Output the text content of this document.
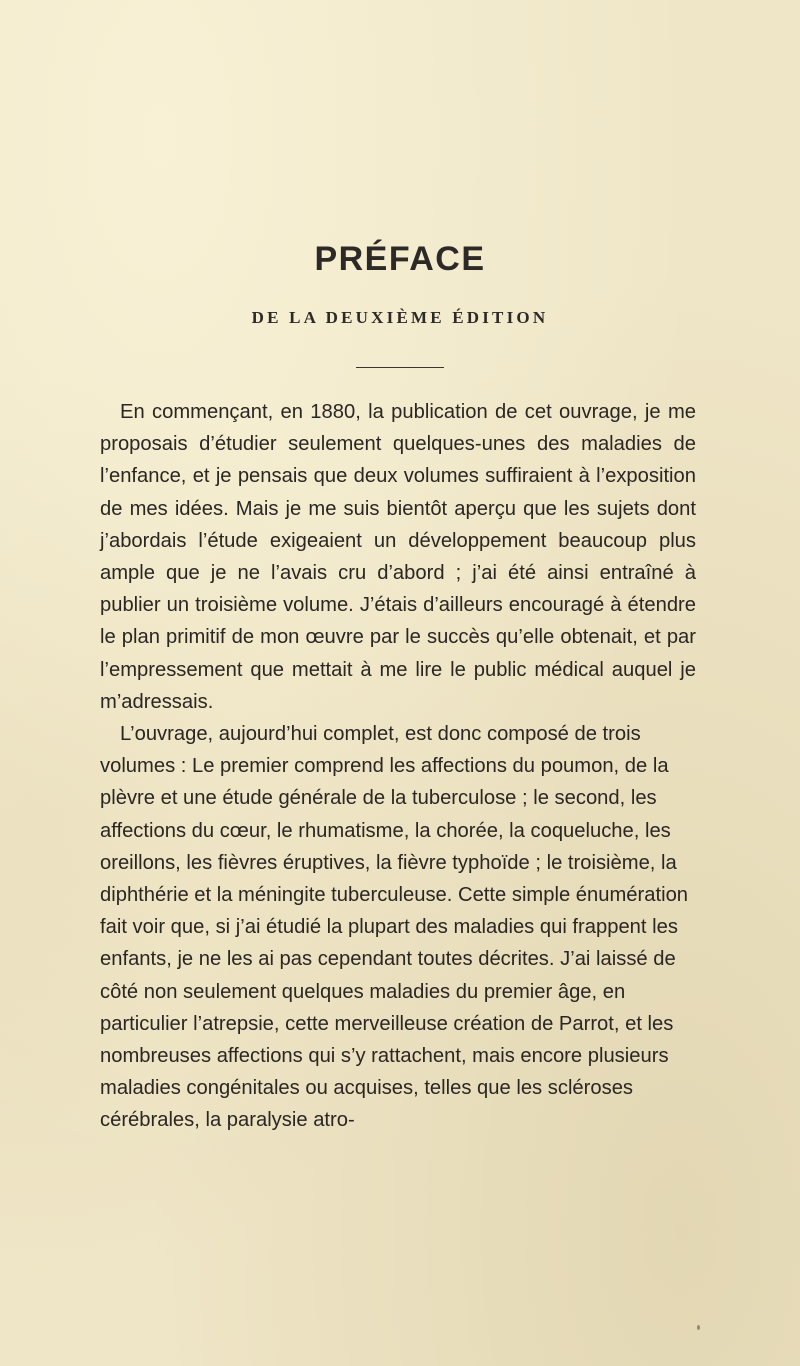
PRÉFACE
DE LA DEUXIÈME ÉDITION

En commençant, en 1880, la publication de cet ouvrage, je me proposais d’étudier seulement quelques-unes des maladies de l’enfance, et je pensais que deux volumes suffiraient à l’exposition de mes idées. Mais je me suis bientôt aperçu que les sujets dont j’abordais l’étude exigeaient un développement beaucoup plus ample que je ne l’avais cru d’abord ; j’ai été ainsi entraîné à publier un troisième volume. J’étais d’ailleurs encouragé à étendre le plan primitif de mon œuvre par le succès qu’elle obtenait, et par l’empressement que mettait à me lire le public médical auquel je m’adressais.

L’ouvrage, aujourd’hui complet, est donc composé de trois volumes : Le premier comprend les affections du poumon, de la plèvre et une étude générale de la tuberculose ; le second, les affections du cœur, le rhumatisme, la chorée, la coqueluche, les oreillons, les fièvres éruptives, la fièvre typhoïde ; le troisième, la diphthérie et la méningite tuberculeuse. Cette simple énumération fait voir que, si j’ai étudié la plupart des maladies qui frappent les enfants, je ne les ai pas cependant toutes décrites. J’ai laissé de côté non seulement quelques maladies du premier âge, en particulier l’atrepsie, cette merveilleuse création de Parrot, et les nombreuses affections qui s’y rattachent, mais encore plusieurs maladies congénitales ou acquises, telles que les scléroses cérébrales, la paralysie atro-
